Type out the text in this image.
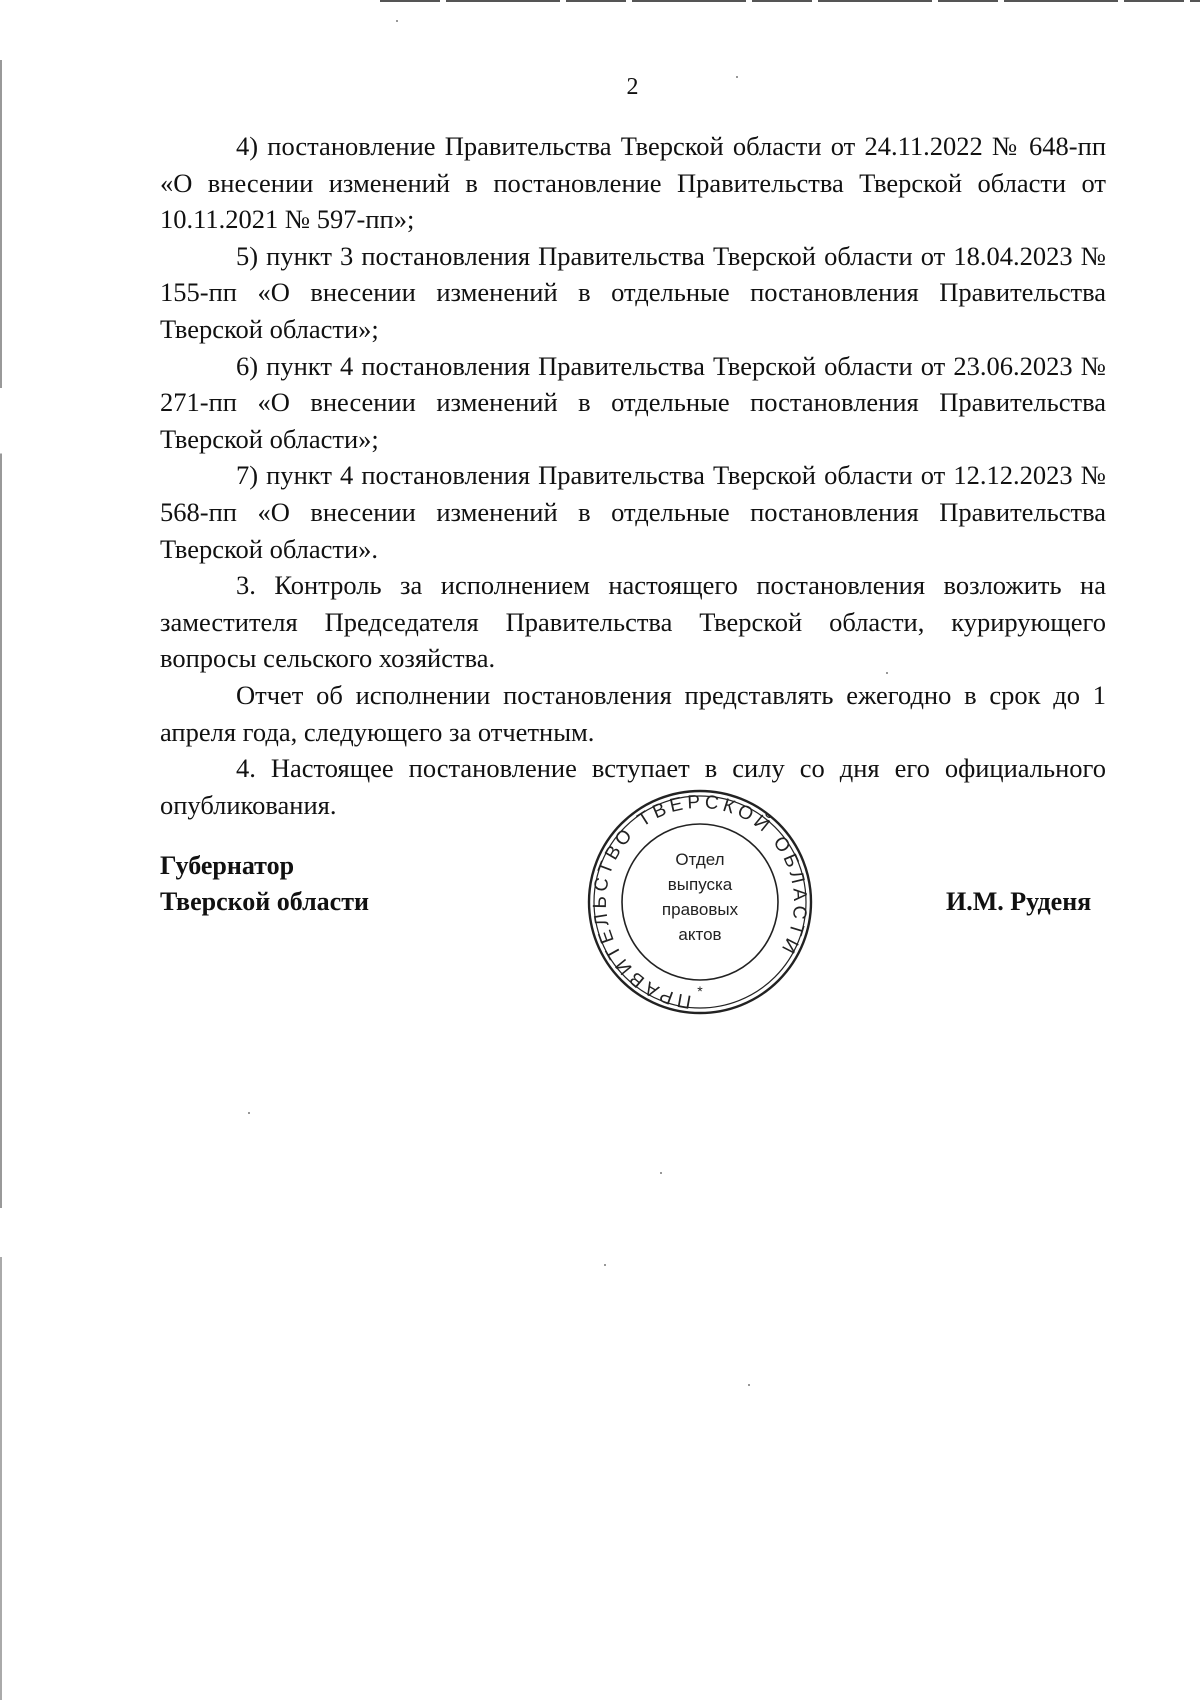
2

4) постановление Правительства Тверской области от 24.11.2022 № 648-пп «О внесении изменений в постановление Правительства Тверской области от 10.11.2021 № 597-пп»;

5) пункт 3 постановления Правительства Тверской области от 18.04.2023 № 155-пп «О внесении изменений в отдельные постановления Правительства Тверской области»;

6) пункт 4 постановления Правительства Тверской области от 23.06.2023 № 271-пп «О внесении изменений в отдельные постановления Правительства Тверской области»;

7) пункт 4 постановления Правительства Тверской области от 12.12.2023 № 568-пп «О внесении изменений в отдельные постановления Правительства Тверской области».

3. Контроль за исполнением настоящего постановления возложить на заместителя Председателя Правительства Тверской области, курирующего вопросы сельского хозяйства.

Отчет об исполнении постановления представлять ежегодно в срок до 1 апреля года, следующего за отчетным.

4. Настоящее постановление вступает в силу со дня его официального опубликования.

Губернатор
Тверской области
ПРАВИТЕЛЬСТВО ТВЕРСКОЙ ОБЛАСТИ
Отдел
выпуска
правовых
актов
*
И.М. Руденя
